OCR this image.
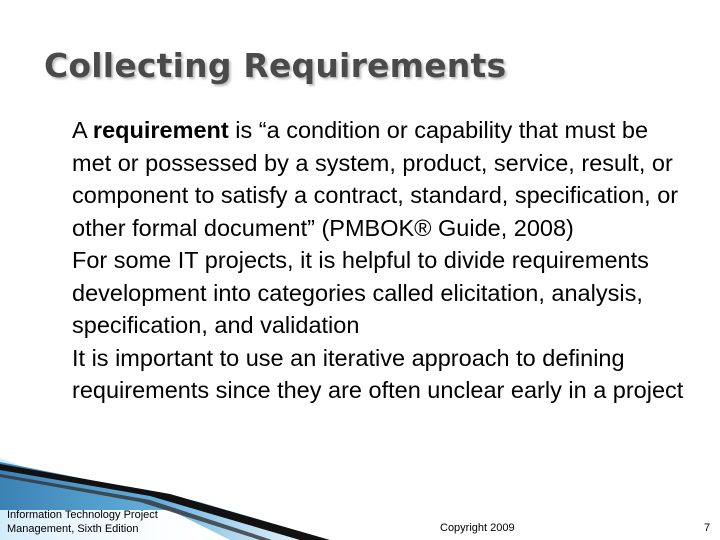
Collecting Requirements
A requirement is “a condition or capability that must be met or possessed by a system, product, service, result, or component to satisfy a contract, standard, specification, or other formal document” (PMBOK® Guide, 2008)
For some IT projects, it is helpful to divide requirements development into categories called elicitation, analysis, specification, and validation
It is important to use an iterative approach to defining requirements since they are often unclear early in a project
Information Technology Project
Management, Sixth Edition	Copyright 2009	7
